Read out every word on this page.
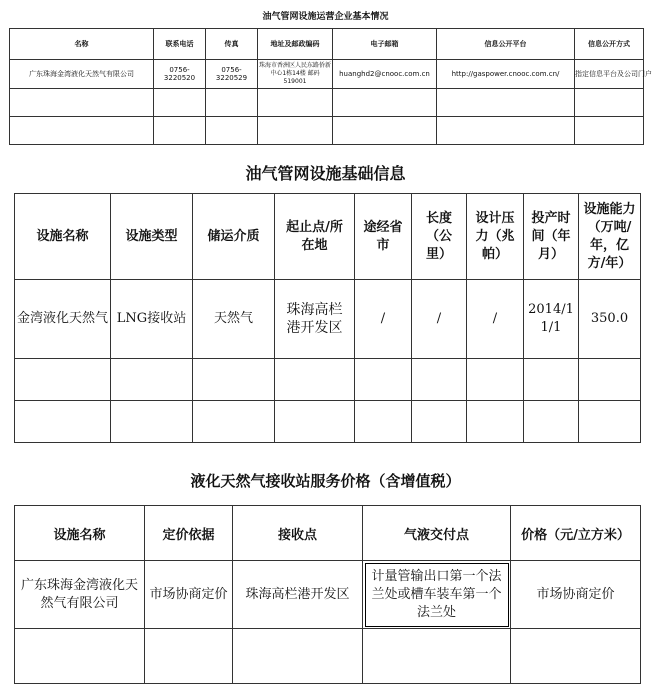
油气管网设施运营企业基本情况
名称	联系电话	传真	地址及邮政编码	电子邮箱	信息公开平台	信息公开方式
广东珠海金湾液化天然气有限公司	0756-3220520	0756-3220529	珠海市香洲区人民东路侨新中心1栋14楼 邮码 519001	huanghd2@cnooc.com.cn	http://gaspower.cnooc.com.cn/	指定信息平台及公司门户

油气管网设施基础信息
设施名称	设施类型	储运介质	起止点/所在地	途经省市	长度（公里）	设计压力（兆帕）	投产时间（年月）	设施能力（万吨/年，亿方/年）
金湾液化天然气	LNG接收站	天然气	珠海高栏港开发区	/	/	/	2014/11/1	350.0

液化天然气接收站服务价格（含增值税）
设施名称	定价依据	接收点	气液交付点	价格（元/立方米）
广东珠海金湾液化天然气有限公司	市场协商定价	珠海高栏港开发区	计量管输出口第一个法兰处或槽车装车第一个法兰处	市场协商定价
